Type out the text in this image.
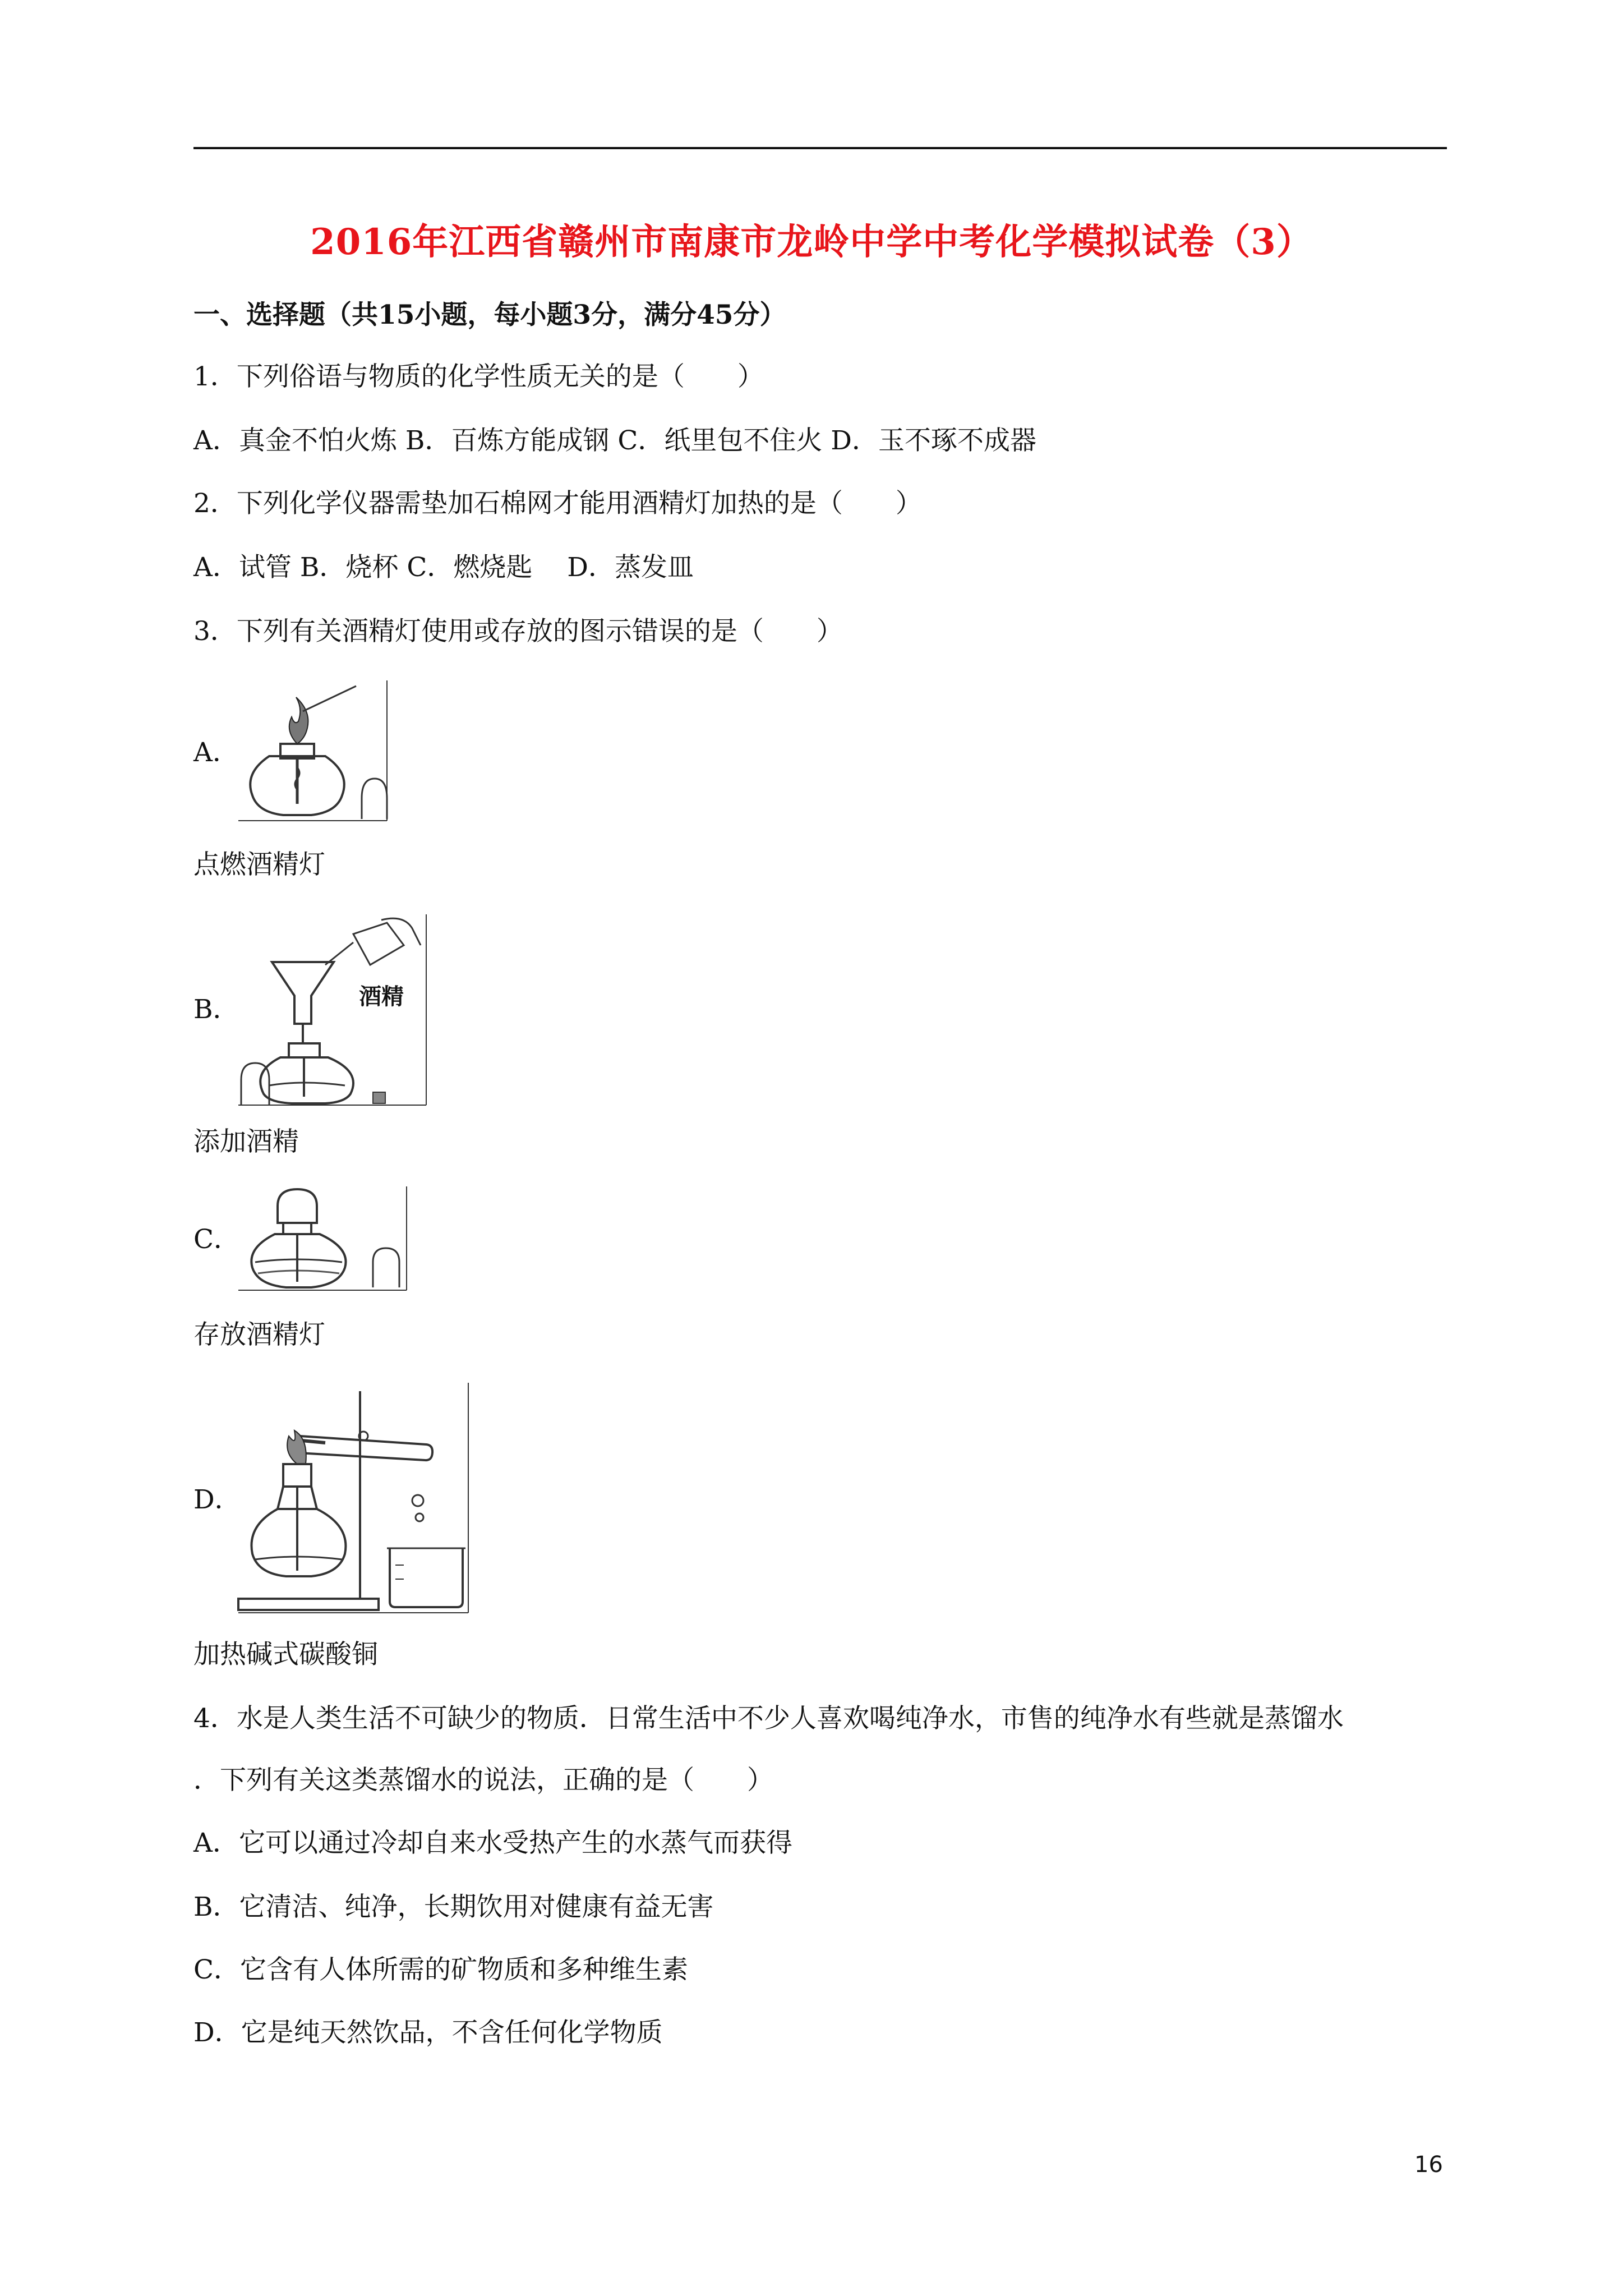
2016年江西省赣州市南康市龙岭中学中考化学模拟试卷（3）
一、选择题（共15小题，每小题3分，满分45分）
1．下列俗语与物质的化学性质无关的是（　　）
A．真金不怕火炼 B．百炼方能成钢 C．纸里包不住火 D．玉不琢不成器
2．下列化学仪器需垫加石棉网才能用酒精灯加热的是（　　）
A．试管 B．烧杯 C．燃烧匙　 D．蒸发皿
3．下列有关酒精灯使用或存放的图示错误的是（　　）
A．
点燃酒精灯
B．	酒精
添加酒精
C．
存放酒精灯
D．
加热碱式碳酸铜
4．水是人类生活不可缺少的物质．日常生活中不少人喜欢喝纯净水，市售的纯净水有些就是蒸馏水
．下列有关这类蒸馏水的说法，正确的是（　　）
A．它可以通过冷却自来水受热产生的水蒸气而获得
B．它清洁、纯净，长期饮用对健康有益无害
C．它含有人体所需的矿物质和多种维生素
D．它是纯天然饮品，不含任何化学物质
16
